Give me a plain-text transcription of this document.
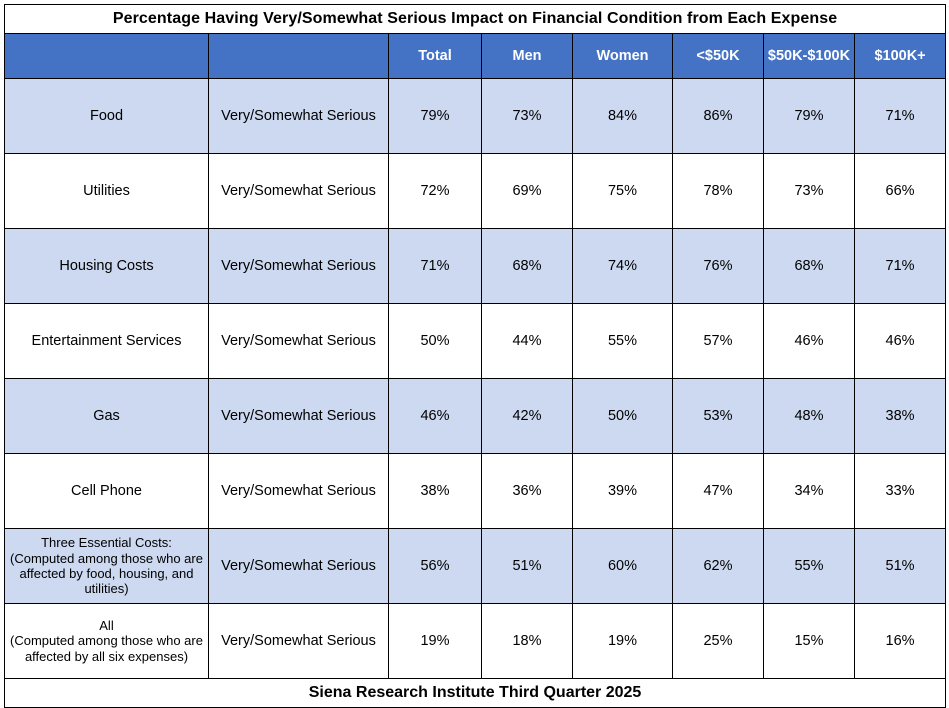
Percentage Having Very/Somewhat Serious Impact on Financial Condition from Each Expense							
		Total	Men	Women	<$50K	$50K-$100K	$100K+
Food	Very/Somewhat Serious	79%	73%	84%	86%	79%	71%
Utilities	Very/Somewhat Serious	72%	69%	75%	78%	73%	66%
Housing Costs	Very/Somewhat Serious	71%	68%	74%	76%	68%	71%
Entertainment Services	Very/Somewhat Serious	50%	44%	55%	57%	46%	46%
Gas	Very/Somewhat Serious	46%	42%	50%	53%	48%	38%
Cell Phone	Very/Somewhat Serious	38%	36%	39%	47%	34%	33%

Three Essential Costs:
(Computed among those who are affected by food, housing, and utilities)	Very/Somewhat Serious	56%	51%	60%	62%	55%	51%

All
(Computed among those who are affected by all six expenses)	Very/Somewhat Serious	19%	18%	19%	25%	15%	16%
Siena Research Institute Third Quarter 2025							
